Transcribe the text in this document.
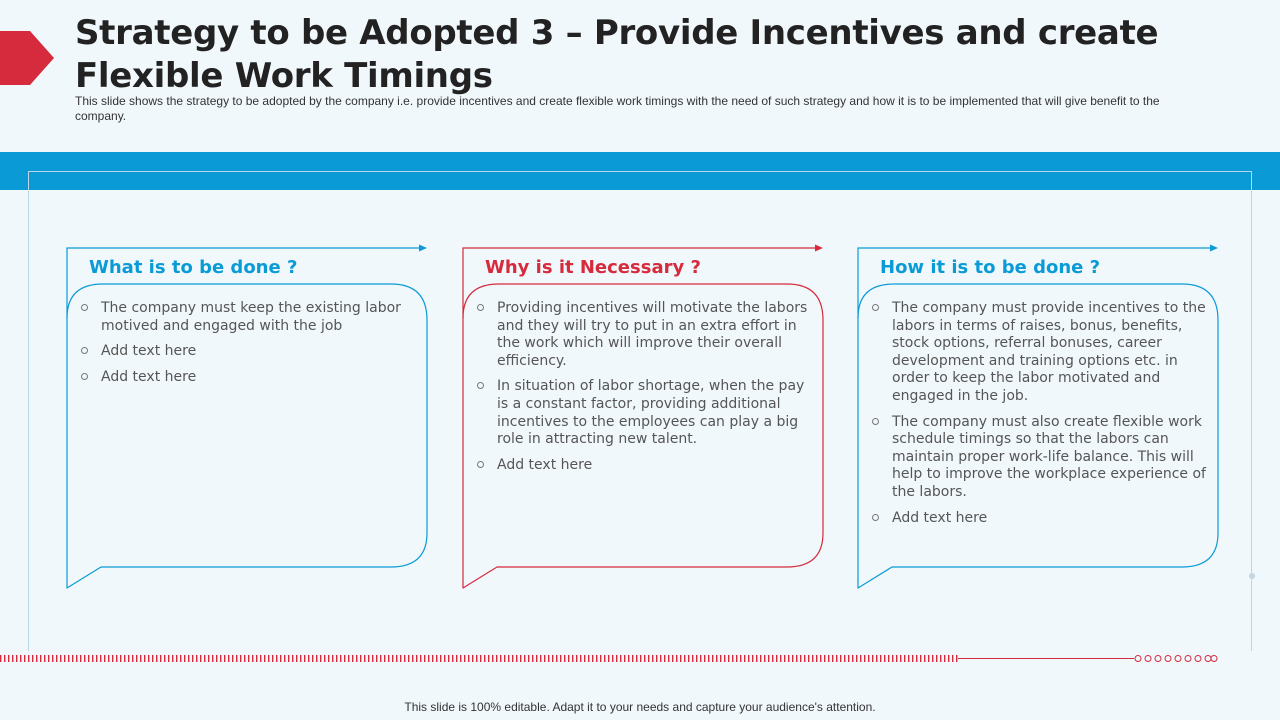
Strategy to be Adopted 3 – Provide Incentives and create Flexible Work Timings

This slide shows the strategy to be adopted by the company i.e. provide incentives and create flexible work timings with the need of such strategy and how it is to be implemented that will give benefit to the company.

What is to be done ?
The company must keep the existing labor motived and engaged with the job
Add text here
Add text here
Why is it Necessary ?
Providing incentives will motivate the labors and they will try to put in an extra effort in the work which will improve their overall efficiency.
In situation of labor shortage, when the pay is a constant factor, providing additional incentives to the employees can play a big role in attracting new talent.
Add text here
How it is to be done ?
The company must provide incentives to the labors in terms of raises, bonus, benefits, stock options, referral bonuses, career development and training options etc. in order to keep the labor motivated and engaged in the job.
The company must also create flexible work schedule timings so that the labors can maintain proper work-life balance. This will help to improve the workplace experience of the labors.
Add text here
This slide is 100% editable. Adapt it to your needs and capture your audience's attention.
